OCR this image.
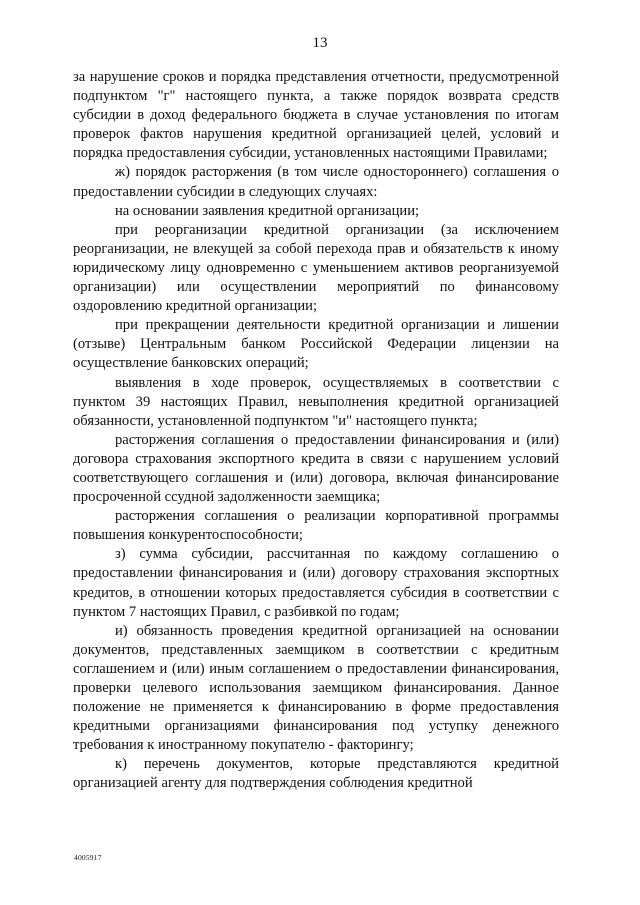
13

за нарушение сроков и порядка представления отчетности, предусмотренной подпунктом "г" настоящего пункта, а также порядок возврата средств субсидии в доход федерального бюджета в случае установления по итогам проверок фактов нарушения кредитной организацией целей, условий и порядка предоставления субсидии, установленных настоящими Правилами;

ж) порядок расторжения (в том числе одностороннего) соглашения о предоставлении субсидии в следующих случаях:

на основании заявления кредитной организации;

при реорганизации кредитной организации (за исключением реорганизации, не влекущей за собой перехода прав и обязательств к иному юридическому лицу одновременно с уменьшением активов реорганизуемой организации) или осуществлении мероприятий по финансовому оздоровлению кредитной организации;

при прекращении деятельности кредитной организации и лишении (отзыве) Центральным банком Российской Федерации лицензии на осуществление банковских операций;

выявления в ходе проверок, осуществляемых в соответствии с пунктом 39 настоящих Правил, невыполнения кредитной организацией обязанности, установленной подпунктом "и" настоящего пункта;

расторжения соглашения о предоставлении финансирования и (или) договора страхования экспортного кредита в связи с нарушением условий соответствующего соглашения и (или) договора, включая финансирование просроченной ссудной задолженности заемщика;

расторжения соглашения о реализации корпоративной программы повышения конкурентоспособности;

з) сумма субсидии, рассчитанная по каждому соглашению о предоставлении финансирования и (или) договору страхования экспортных кредитов, в отношении которых предоставляется субсидия в соответствии с пунктом 7 настоящих Правил, с разбивкой по годам;

и) обязанность проведения кредитной организацией на основании документов, представленных заемщиком в соответствии с кредитным соглашением и (или) иным соглашением о предоставлении финансирования, проверки целевого использования заемщиком финансирования. Данное положение не применяется к финансированию в форме предоставления кредитными организациями финансирования под уступку денежного требования к иностранному покупателю - факторингу;

к) перечень документов, которые представляются кредитной организацией агенту для подтверждения соблюдения кредитной

4005917
